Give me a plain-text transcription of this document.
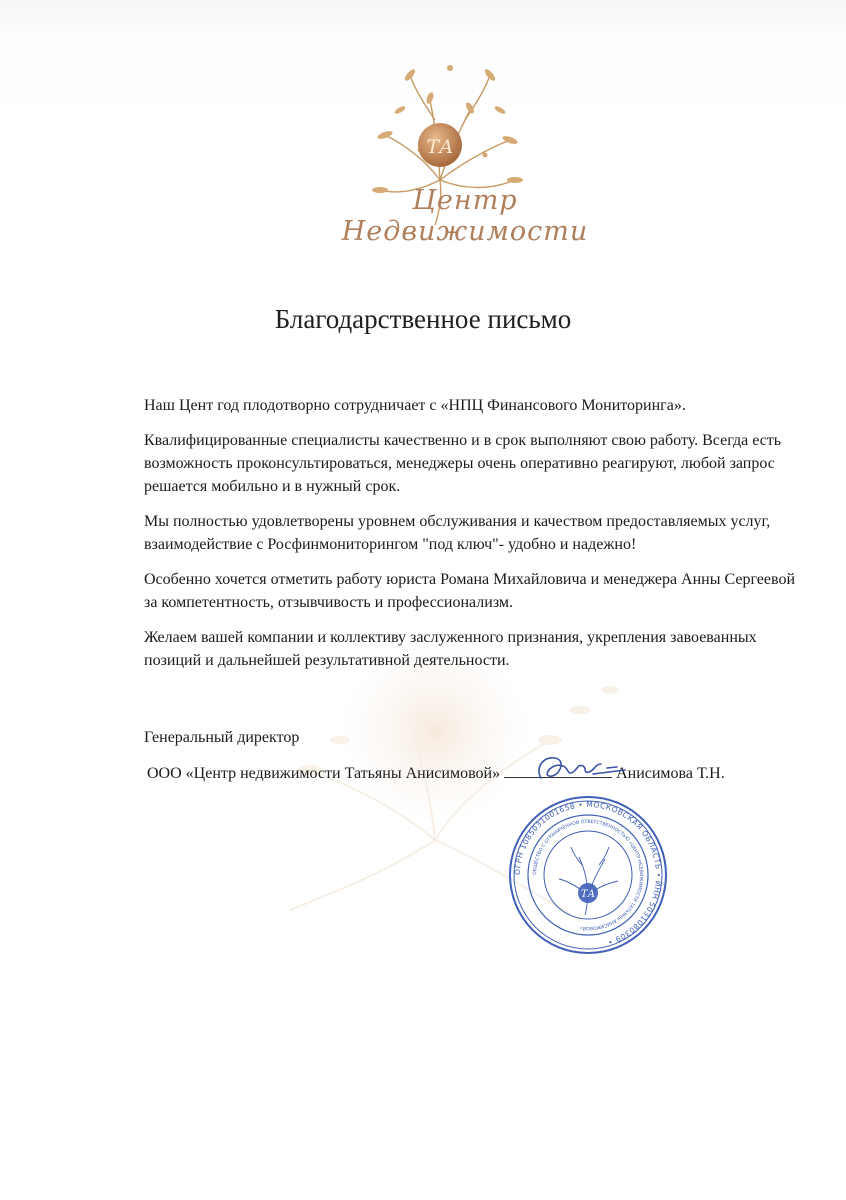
ТА
Центр Недвижимости
Благодарственное письмо

Наш Цент год плодотворно сотрудничает с «НПЦ Финансового Мониторинга».

Квалифицированные специалисты качественно и в срок выполняют свою работу. Всегда есть возможность проконсультироваться, менеджеры очень оперативно реагируют, любой запрос решается мобильно и в нужный срок.

Мы полностью удовлетворены уровнем обслуживания и качеством предоставляемых услуг, взаимодействие с Росфинмониторингом "под ключ"- удобно и надежно!

Особенно хочется отметить работу юриста Романа Михайловича и менеджера Анны Сергеевой за компетентность, отзывчивость и профессионализм.

Желаем вашей компании и коллективу заслуженного признания, укрепления завоеванных позиций и дальнейшей результативной деятельности.

Генеральный директор
ООО «Центр недвижимости Татьяны Анисимовой»	Анисимова Т.Н.
ОГРН 1085031001658 • МОСКОВСКАЯ ОБЛАСТЬ • ИНН 5031080309 •
ОБЩЕСТВО С ОГРАНИЧЕННОЙ ОТВЕТСТВЕННОСТЬЮ «ЦЕНТР НЕДВИЖИМОСТИ ТАТЬЯНЫ АНИСИМОВОЙ»
ТА
